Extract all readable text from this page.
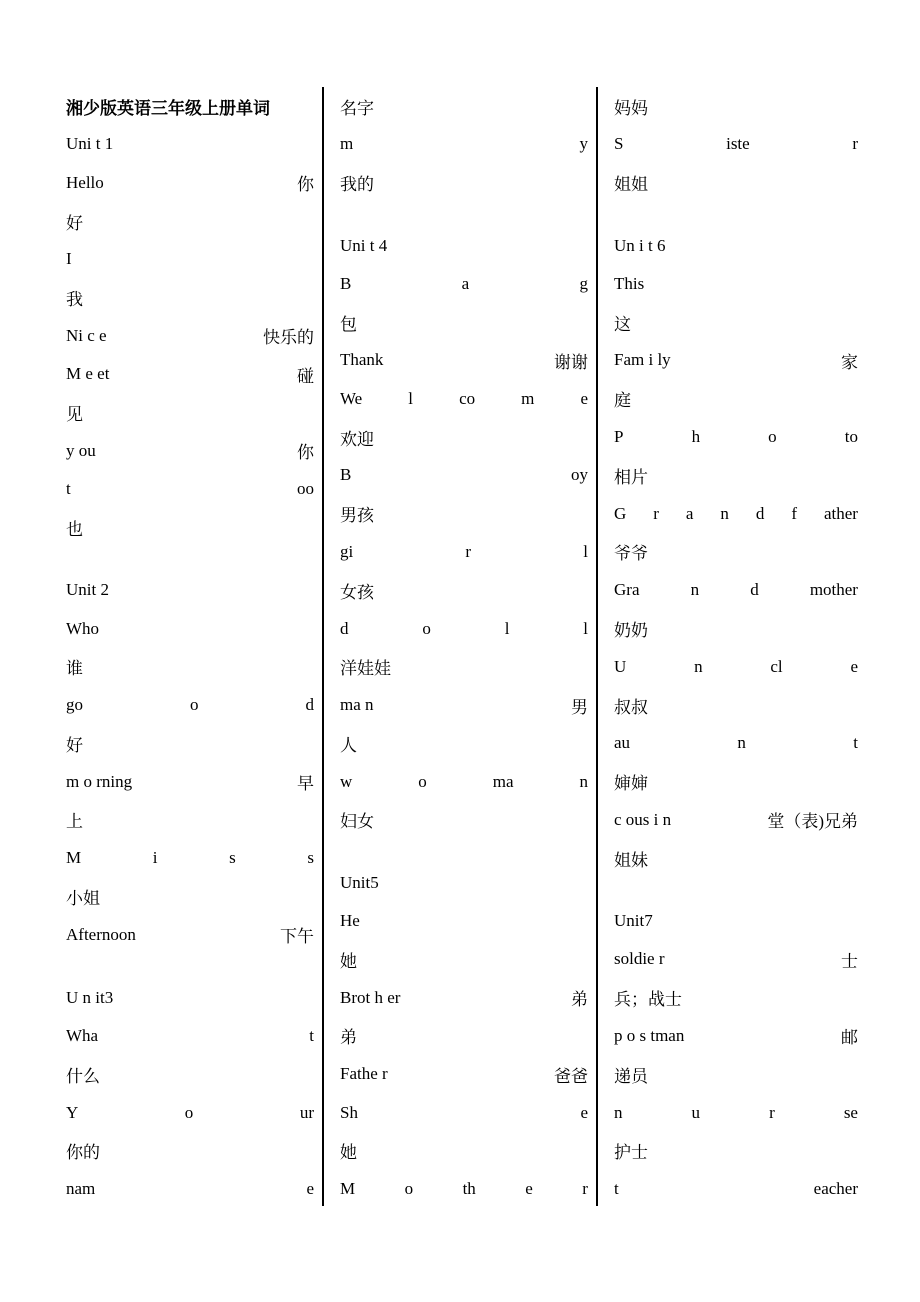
湘少版英语三年级上册单词
Uni t 1
Hello	你
好
I
我
Ni c e	快乐的
M e et	碰
见
y ou	你
t	oo
也
Unit 2
Who
谁
go	o	d
好
m o rning	早
上
M	i	s	s
小姐
Afternoon	下午
U n it3
Wha	t
什么
Y	o	ur
你的
nam	e
名字
m	y
我的
Uni t 4
B	a	g
包
Thank	谢谢
We	l	co	m	e
欢迎
B	oy
男孩
gi	r	l
女孩
d	o	l	l
洋娃娃
ma n	男
人
w	o	ma	n
妇女
Unit5
He
她
Brot h er	弟
弟
Fathe r	爸爸
Sh	e
她
M	o	th	e	r
妈妈
S	iste	r
姐姐
Un i t 6
This
这
Fam i ly	家
庭
P	h	o	to
相片
G r a n d f ather
爷爷
Gra	n	d	mother
奶奶
U	n	cl	e
叔叔
au	n	t
婶婶
c ous i n	堂（表)兄弟
姐妹
Unit7
soldie r	士
兵；战士
p o s tman	邮
递员
n	u	r	se
护士
t	eacher
